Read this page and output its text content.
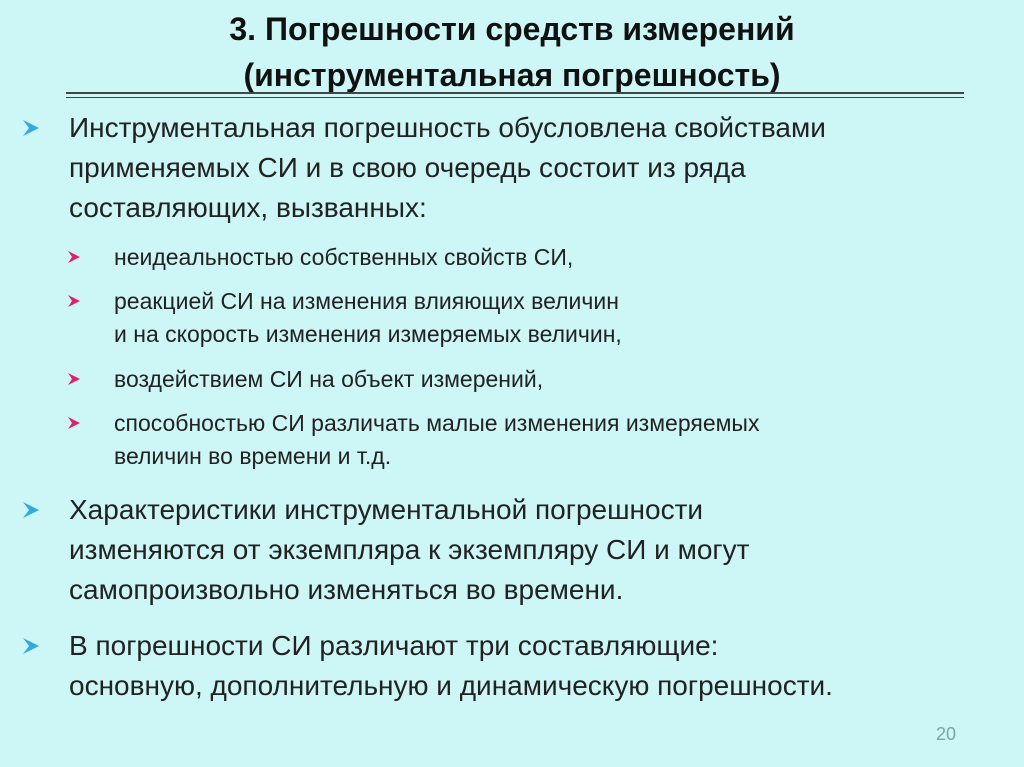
3. Погрешности средств измерений
(инструментальная погрешность)
Инструментальная погрешность обусловлена свойствами
применяемых СИ и в свою очередь состоит из ряда
составляющих, вызванных:
неидеальностью собственных свойств СИ,
реакцией СИ на изменения влияющих величин
и на скорость изменения измеряемых величин,
воздействием СИ на объект измерений,
способностью СИ различать малые изменения измеряемых
величин во времени и т.д.
Характеристики инструментальной погрешности
изменяются от экземпляра к экземпляру СИ и могут
самопроизвольно изменяться во времени.
В погрешности СИ различают три составляющие:
основную, дополнительную и динамическую погрешности.
20
